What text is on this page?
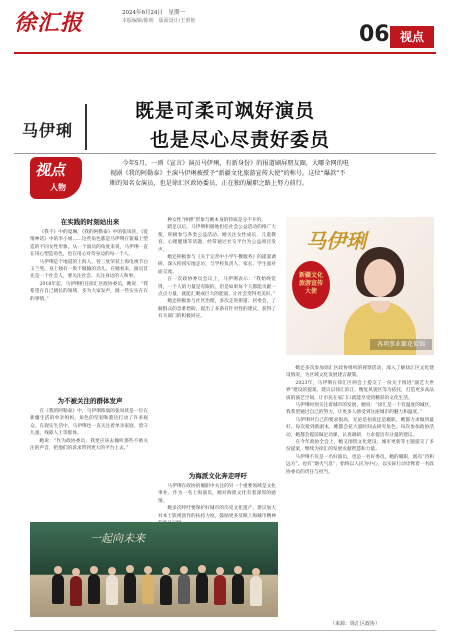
徐汇报	2024年6月24日　星期一
本版编辑/陈明　版面设计/王蕾艳
06 视点
马伊琍
既是可柔可飒好演员
也是尽心尽责好委员
视点
人物
今年5月，一则《宣言》演员马伊琍，有新身份》的报道刷屏朋友圈，大哪全网的电视剧《我的阿勒泰》主演马伊琍被授予“新疆文化旅游宣传大使”的称号。这位“爆款”不断的知名女演员，也是徐汇区政协委员，正在独的履职之路上努力前行。
在实践的时刻站出来

《我不》中的夏琳，《我的阿勒泰》中的张凤侠，《爱情神话》中的李小姐……这些角色都是马伊琍在银幕上塑造的不同女性形象。从一个演员的角度来说，马伊琍一直在用心塑造角色，也在用心对待身边的每一个人。

马伊琍是个地道的上海人，曾三度荣获上海电视节白玉兰奖，身上独有一股不服输的劲儿。在她看来，演员首先是一个社会人，要关注社会、关注身边的人和事。

2018年起，马伊琍担任徐汇区政协委员，她说：“我希望在自己擅长的领域，多为大家发声，做一些实实在在的事情。”

为不被关注的群体发声

在《我的阿勒泰》中，马伊琍饰演的张凤侠是一位在新疆生活的单亲妈妈，角色的坚韧和豁达打动了许多观众。在现实生活中，马伊琍也一直关注着单亲家庭、留守儿童、残障人士等群体。

她说：“作为政协委员，我更应该去倾听那些不被关注的声音，把他们的诉求带到更大的平台上去。”

种女性“拼搏”形象与她本身的特质是分不开的。

踏足以后，马伊琍积极地担任社会公益活动的推广大使，积极参与各类公益活动。她关注女性成长、儿童教育、心理健康等话题，经常通过社交平台为公益项目发声。

她还积极参与《关于完善中小学午餐服务》的提案调研，深入校园实地走访，与学校负责人、家长、学生面对面交流。

在一次政协委员会议上，马伊琍表示：“我始终觉得，一个人的力量是有限的，但是如果每个人都能贡献一点点力量，就能汇聚成巨大的能量，让社会变得更美好。”

她还积极参与社区治理，多次走进街道、居委会，了解群众的急难愁盼，提出了多条有针对性的建议，获得了有关部门的积极回应。

为海派文化奔走呼吁

马伊琍在政协的履职中关注的另一个重要领域是文化事业。作为一名上海演员，她对海派文化有着深厚的感情。

她多次呼吁要保护好城市的历史文化遗产，建议加大对本土影视创作的扶持力度，鼓励更多反映上海城市精神

马伊琍
新疆文化旅游宣传大使
各项事业繁花似锦

她还多次参加徐汇区政协组织的视察活动，深入了解徐汇区文化建设情况，为区域文化发展建言献策。

2023年，马伊琍在徐汇区两会上提交了一份关于推进“演艺大世界”建设的提案，建议以徐汇滨江、衡复风貌区等为依托，打造更多高品质的演艺空间，让市民在家门口就能享受到精彩的文化生活。

马伊琍时刻关注着城市的发展，她说：“徐汇是一个有温度的城区，我希望通过自己的努力，让更多人感受到这座城市的魅力和温度。”

马伊琍对自己的要求很高，无论是拍戏还是履职，她都力求做到最好。每次接到新剧本，她都会花大量时间去研究角色；每次参加政协活动，她都会提前做足功课，认真调研，力求提出有分量的建议。

在今年政协全会上，她又围绕文化建设、城市更新等主题提交了多份提案，继续为徐汇的发展贡献智慧和力量。

马伊琍不仅是一名好演员，也是一名好委员。她的履职，既有“诗和远方”，也有“烟火气息”，始终以人民为中心，以实际行动诠释着一名政协委员的责任与担当。

一起向未来
（来源：徐汇区政协）
